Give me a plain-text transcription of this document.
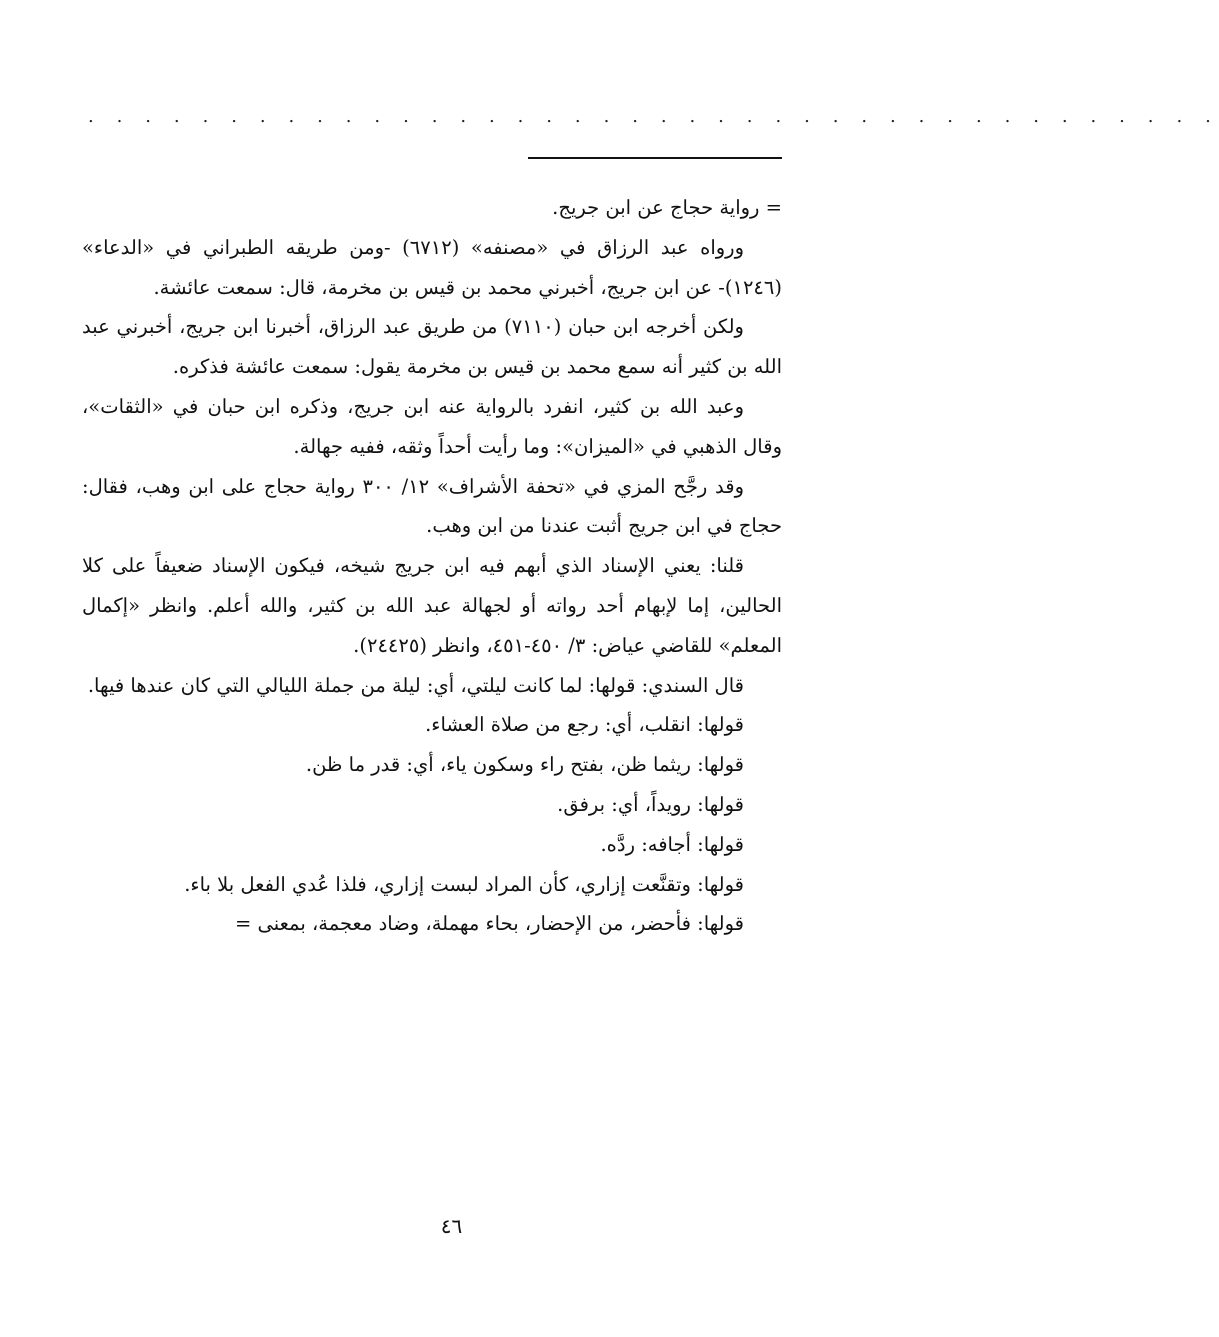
. . . . . . . . . . . . . . . . . . . . . . . . . . . . . . . . . . . . . . . .

= رواية حجاج عن ابن جريج.

ورواه عبد الرزاق في «مصنفه» (٦٧١٢) -ومن طريقه الطبراني في «الدعاء» (١٢٤٦)- عن ابن جريج، أخبرني محمد بن قيس بن مخرمة، قال: سمعت عائشة.

ولكن أخرجه ابن حبان (٧١١٠) من طريق عبد الرزاق، أخبرنا ابن جريج، أخبرني عبد الله بن كثير أنه سمع محمد بن قيس بن مخرمة يقول: سمعت عائشة فذكره.

وعبد الله بن كثير، انفرد بالرواية عنه ابن جريج، وذكره ابن حبان في «الثقات»، وقال الذهبي في «الميزان»: وما رأيت أحداً وثقه، ففيه جهالة.

وقد رجَّح المزي في «تحفة الأشراف» ١٢/ ٣٠٠ رواية حجاج على ابن وهب، فقال: حجاج في ابن جريج أثبت عندنا من ابن وهب.

قلنا: يعني الإسناد الذي أبهم فيه ابن جريج شيخه، فيكون الإسناد ضعيفاً على كلا الحالين، إما لإبهام أحد رواته أو لجهالة عبد الله بن كثير، والله أعلم. وانظر «إكمال المعلم» للقاضي عياض: ٣/ ٤٥٠-٤٥١، وانظر (٢٤٤٢٥).

قال السندي: قولها: لما كانت ليلتي، أي: ليلة من جملة الليالي التي كان عندها فيها.

قولها: انقلب، أي: رجع من صلاة العشاء.

قولها: ريثما ظن، بفتح راء وسكون ياء، أي: قدر ما ظن.

قولها: رويداً، أي: برفق.

قولها: أجافه: ردَّه.

قولها: وتقنَّعت إزاري، كأن المراد لبست إزاري، فلذا عُدي الفعل بلا باء.

قولها: فأحضر، من الإحضار، بحاء مهملة، وضاد معجمة، بمعنى =

٤٦
